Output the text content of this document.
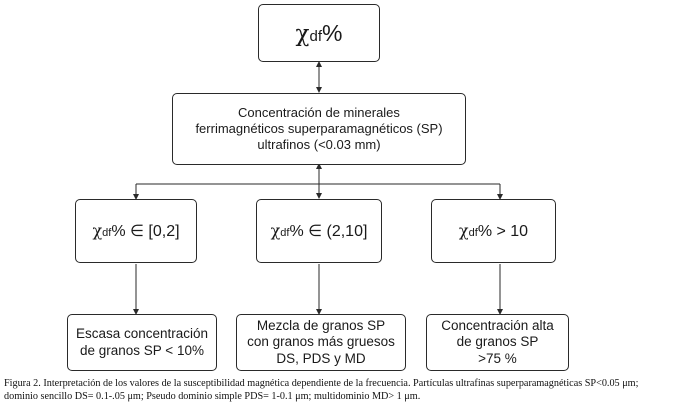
χdf%
Concentración de minerales
ferrimagnéticos superparamagnéticos (SP)
ultrafinos (<0.03 mm)
χdf% ∈ [0,2]	χdf% ∈ (2,10]	χdf% > 10
Escasa concentración
de granos SP < 10%
Mezcla de granos SP
con granos más gruesos
DS, PDS y MD
Concentración alta
de granos SP
>75 %
Figura 2. Interpretación de los valores de la susceptibilidad magnética dependiente de la frecuencia. Partículas ultrafinas superparamagnéticas SP<0.05 μm; dominio sencillo DS= 0.1-.05 μm; Pseudo dominio simple PDS= 1-0.1 μm; multidominio MD> 1 μm.
